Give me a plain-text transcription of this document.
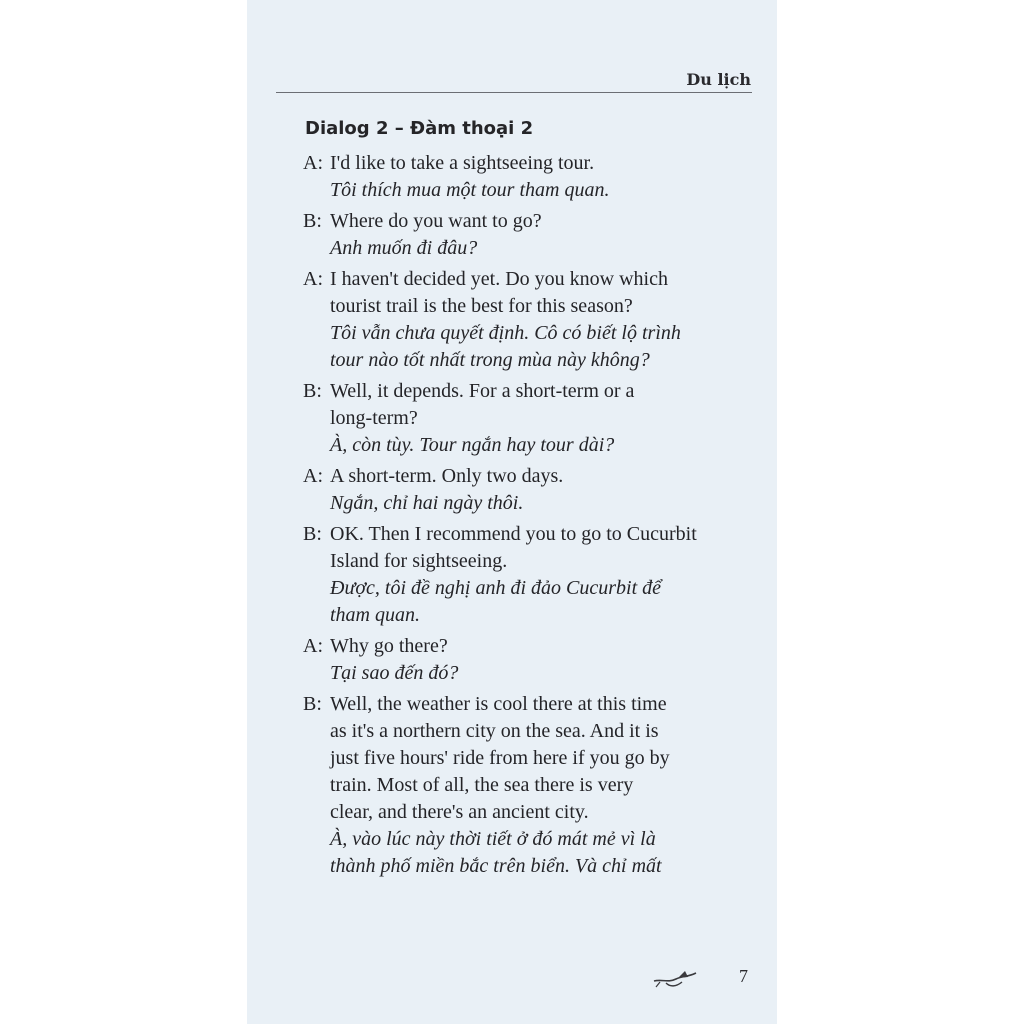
Du lịch
Dialog 2 – Đàm thoại 2
A: I'd like to take a sightseeing tour.
Tôi thích mua một tour tham quan.
B: Where do you want to go?
Anh muốn đi đâu?
A: I haven't decided yet. Do you know which
tourist trail is the best for this season?
Tôi vẫn chưa quyết định. Cô có biết lộ trình
tour nào tốt nhất trong mùa này không?
B: Well, it depends. For a short-term or a
long-term?
À, còn tùy. Tour ngắn hay tour dài?
A: A short-term. Only two days.
Ngắn, chỉ hai ngày thôi.
B: OK. Then I recommend you to go to Cucurbit
Island for sightseeing.
Được, tôi đề nghị anh đi đảo Cucurbit để
tham quan.
A: Why go there?
Tại sao đến đó?
B: Well, the weather is cool there at this time
as it's a northern city on the sea. And it is
just five hours' ride from here if you go by
train. Most of all, the sea there is very
clear, and there's an ancient city.
À, vào lúc này thời tiết ở đó mát mẻ vì là
thành phố miền bắc trên biển. Và chỉ mất
7
